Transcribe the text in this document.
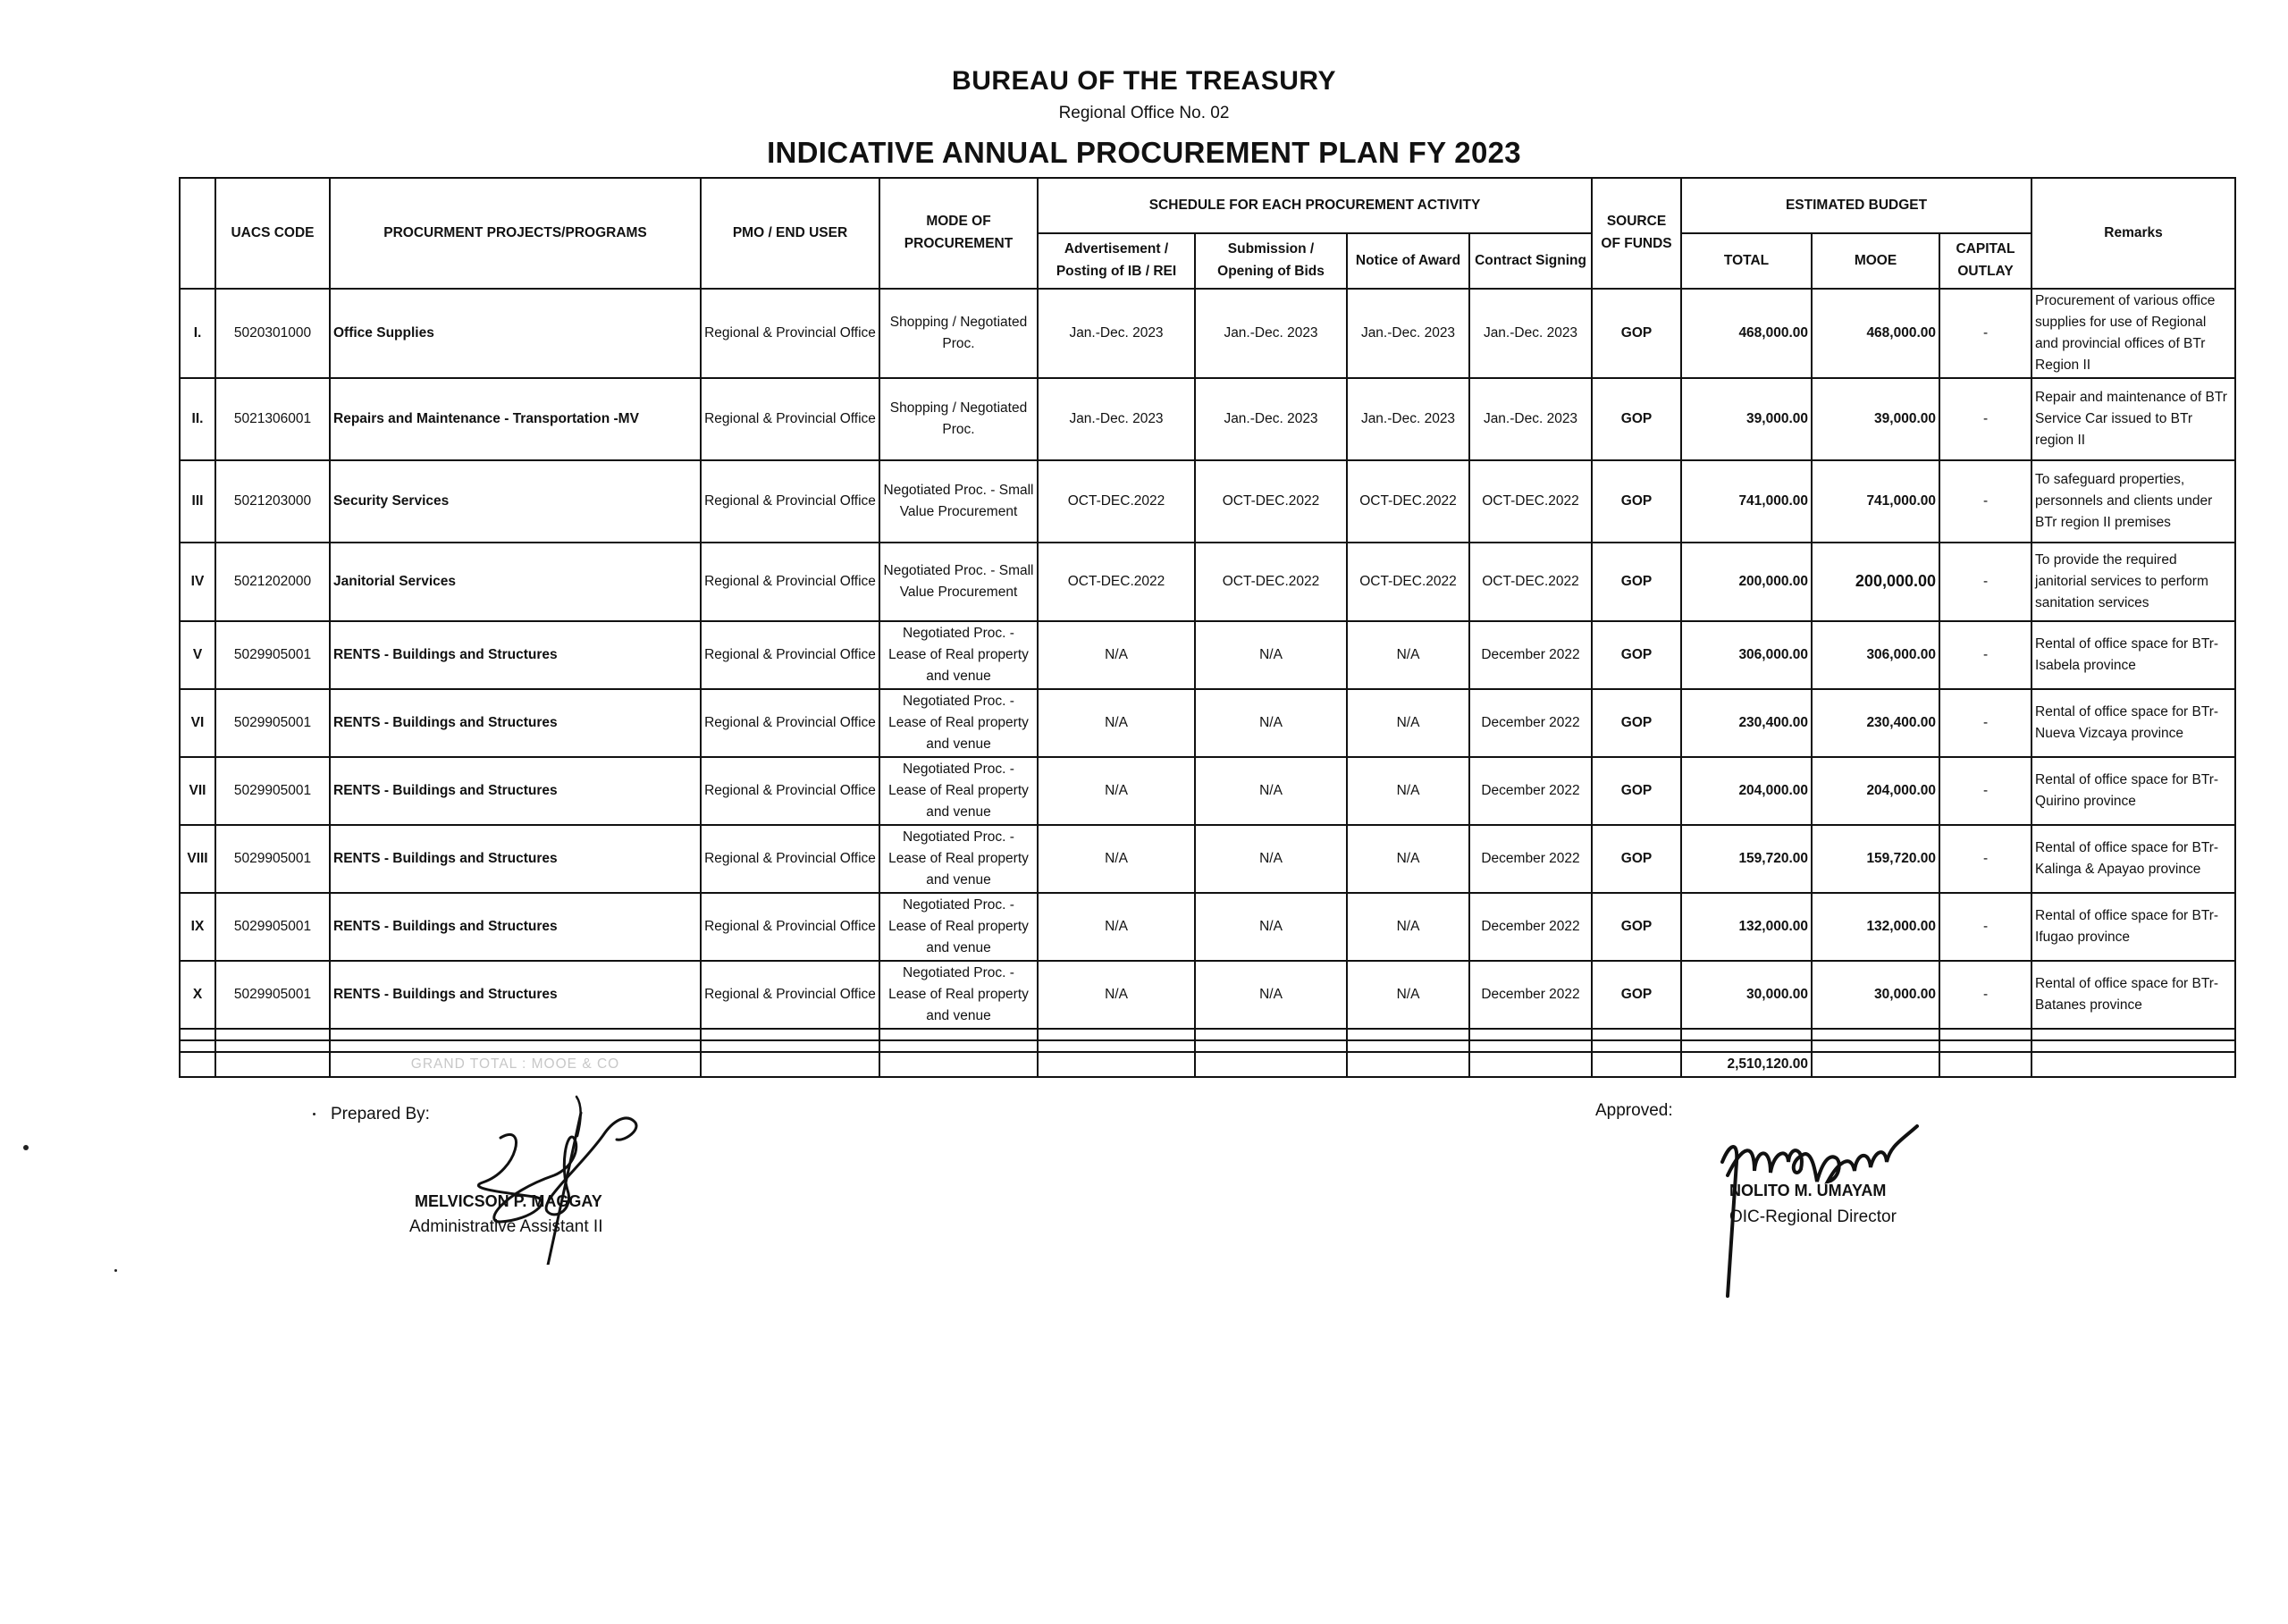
BUREAU OF THE TREASURY
Regional Office No. 02
INDICATIVE ANNUAL PROCUREMENT PLAN FY 2023
	UACS CODE	PROCURMENT PROJECTS/PROGRAMS	PMO / END USER	MODE OF PROCUREMENT	SCHEDULE FOR EACH PROCUREMENT ACTIVITY				SOURCE OF FUNDS	ESTIMATED BUDGET			Remarks
					Advertisement / Posting of IB / REI	Submission / Opening of Bids	Notice of Award	Contract Signing		TOTAL	MOOE	CAPITAL OUTLAY	
I.	5020301000	Office Supplies	Regional & Provincial Office	Shopping / Negotiated Proc.	Jan.-Dec. 2023	Jan.-Dec. 2023	Jan.-Dec. 2023	Jan.-Dec. 2023	GOP	468,000.00	468,000.00	-	Procurement of various office supplies for use of Regional and provincial offices of BTr Region II
II.	5021306001	Repairs and Maintenance - Transportation -MV	Regional & Provincial Office	Shopping / Negotiated Proc.	Jan.-Dec. 2023	Jan.-Dec. 2023	Jan.-Dec. 2023	Jan.-Dec. 2023	GOP	39,000.00	39,000.00	-	Repair and maintenance of BTr Service Car issued to BTr region II
III	5021203000	Security Services	Regional & Provincial Office	Negotiated Proc. - Small Value Procurement	OCT-DEC.2022	OCT-DEC.2022	OCT-DEC.2022	OCT-DEC.2022	GOP	741,000.00	741,000.00	-	To safeguard properties, personnels and clients under BTr region II premises
IV	5021202000	Janitorial Services	Regional & Provincial Office	Negotiated Proc. - Small Value Procurement	OCT-DEC.2022	OCT-DEC.2022	OCT-DEC.2022	OCT-DEC.2022	GOP	200,000.00	200,000.00	-	To provide the required janitorial services to perform sanitation services
V	5029905001	RENTS - Buildings and Structures	Regional & Provincial Office	Negotiated Proc. - Lease of Real property and venue	N/A	N/A	N/A	December 2022	GOP	306,000.00	306,000.00	-	Rental of office space for BTr- Isabela province
VI	5029905001	RENTS - Buildings and Structures	Regional & Provincial Office	Negotiated Proc. - Lease of Real property and venue	N/A	N/A	N/A	December 2022	GOP	230,400.00	230,400.00	-	Rental of office space for BTr- Nueva Vizcaya province
VII	5029905001	RENTS - Buildings and Structures	Regional & Provincial Office	Negotiated Proc. - Lease of Real property and venue	N/A	N/A	N/A	December 2022	GOP	204,000.00	204,000.00	-	Rental of office space for BTr- Quirino province
VIII	5029905001	RENTS - Buildings and Structures	Regional & Provincial Office	Negotiated Proc. - Lease of Real property and venue	N/A	N/A	N/A	December 2022	GOP	159,720.00	159,720.00	-	Rental of office space for BTr- Kalinga & Apayao province
IX	5029905001	RENTS - Buildings and Structures	Regional & Provincial Office	Negotiated Proc. - Lease of Real property and venue	N/A	N/A	N/A	December 2022	GOP	132,000.00	132,000.00	-	Rental of office space for BTr- Ifugao province
X	5029905001	RENTS - Buildings and Structures	Regional & Provincial Office	Negotiated Proc. - Lease of Real property and venue	N/A	N/A	N/A	December 2022	GOP	30,000.00	30,000.00	-	Rental of office space for BTr- Batanes province

		GRAND TOTAL : MOOE & CO								2,510,120.00			
Prepared By:
MELVICSON P. MAGGAY
Administrative Assistant II
Approved:
NOLITO M. UMAYAM
OIC-Regional Director
